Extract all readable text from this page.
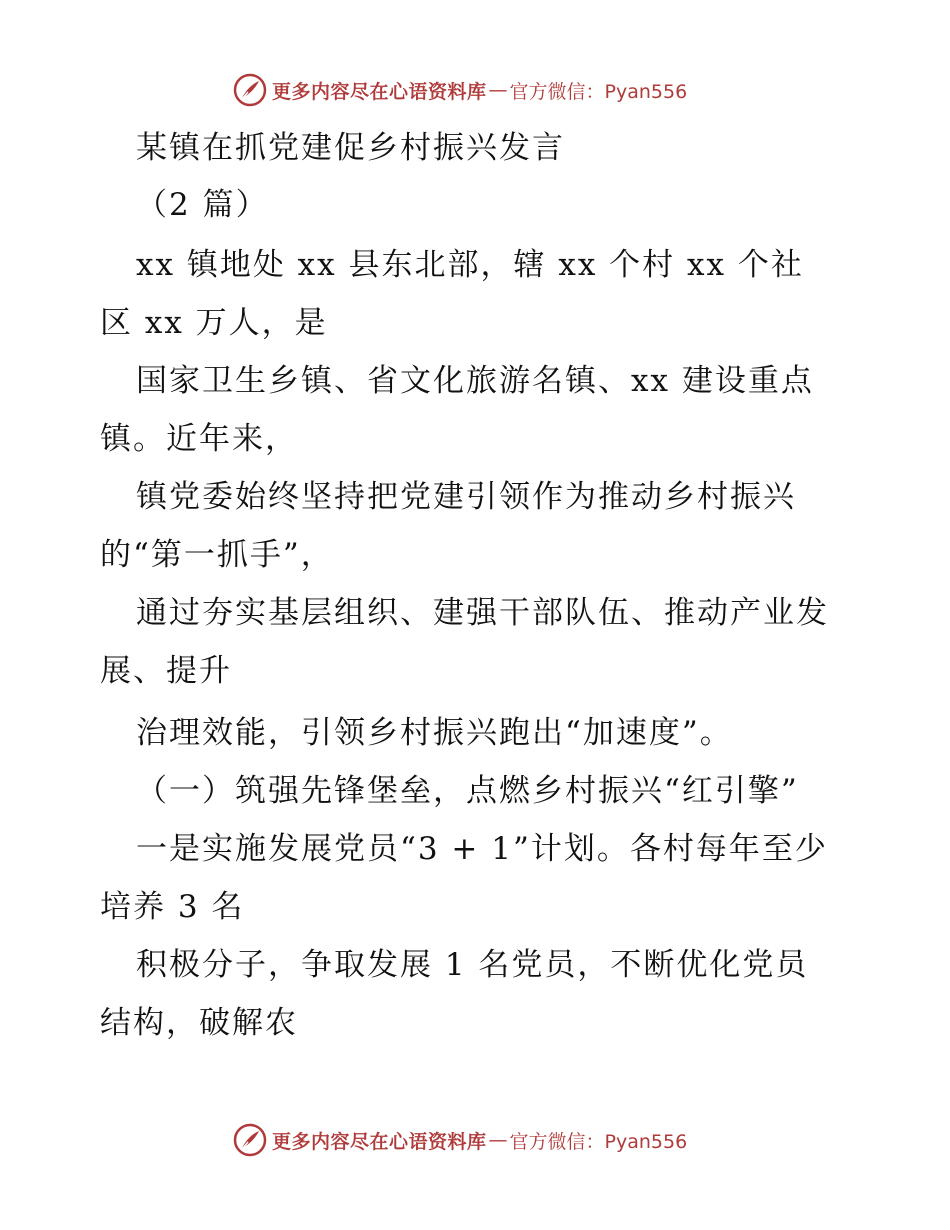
更多内容尽在心语资料库 — 官方微信：Pyan556
某镇在抓党建促乡村振兴发言
（2 篇）
xx 镇地处 xx 县东北部，辖 xx 个村 xx 个社
区 xx 万人，是
国家卫生乡镇、省文化旅游名镇、xx 建设重点
镇。近年来，
镇党委始终坚持把党建引领作为推动乡村振兴
的“第一抓手”，
通过夯实基层组织、建强干部队伍、推动产业发
展、提升
治理效能，引领乡村振兴跑出“加速度”。
（一）筑强先锋堡垒，点燃乡村振兴“红引擎”
一是实施发展党员“3 + 1”计划。各村每年至少
培养 3 名
积极分子，争取发展 1 名党员，不断优化党员
结构，破解农
更多内容尽在心语资料库 — 官方微信：Pyan556
